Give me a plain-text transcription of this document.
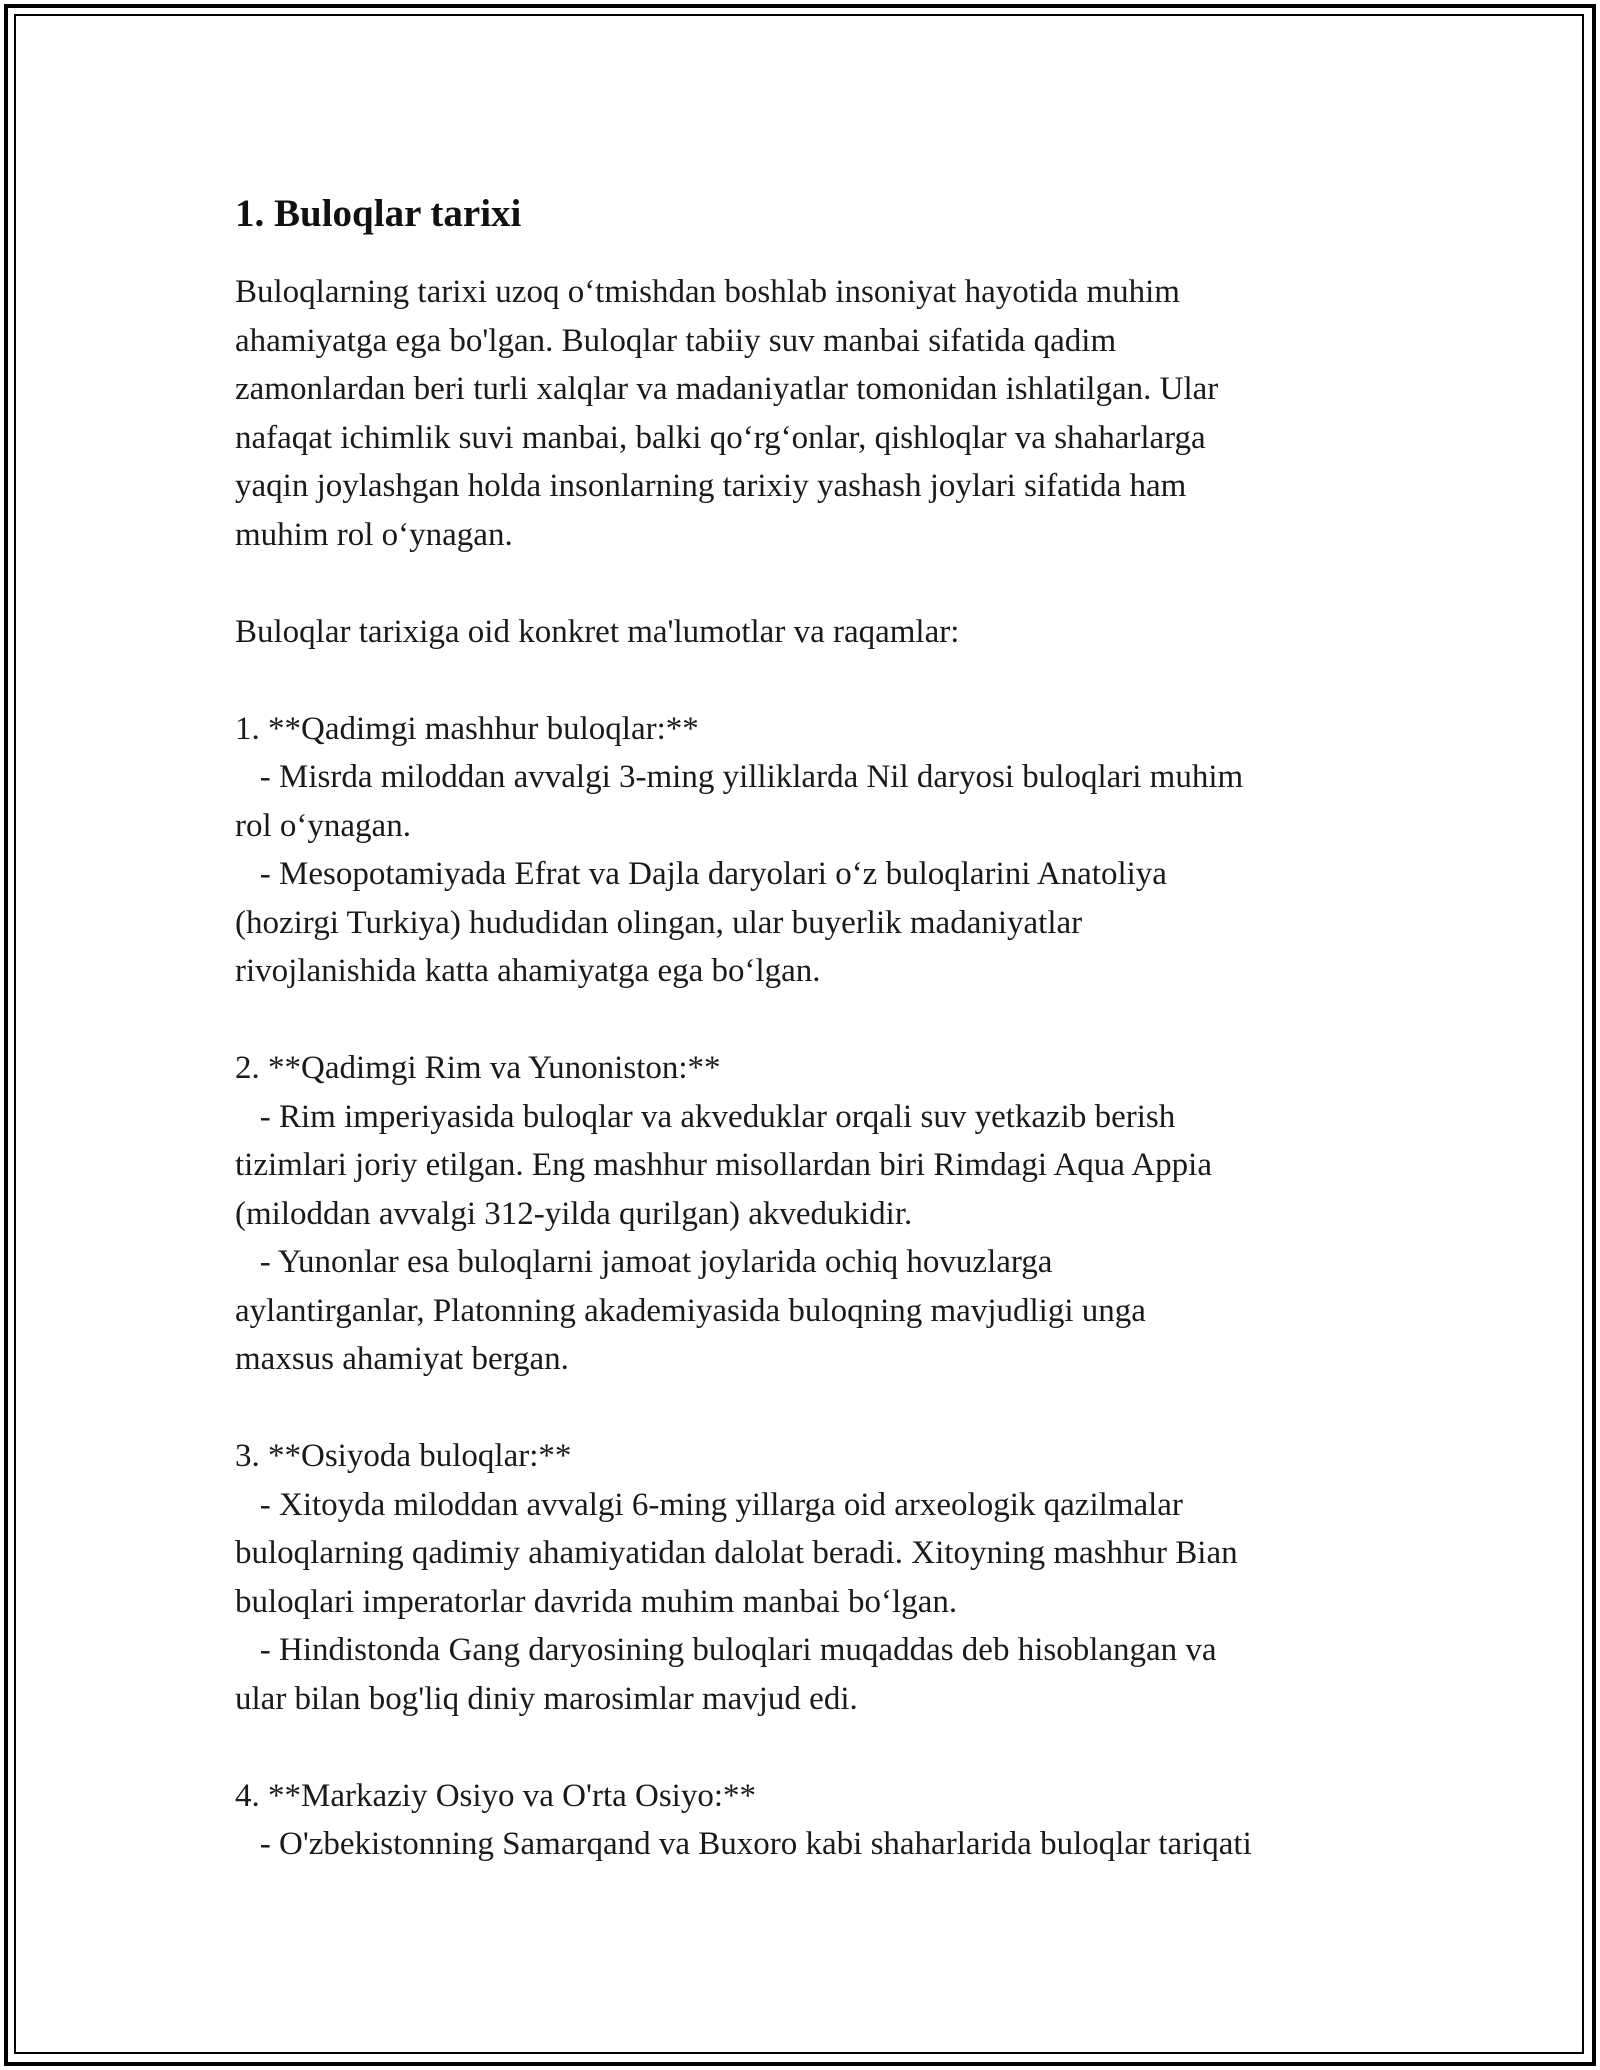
1. Buloqlar tarixi

Buloqlarning tarixi uzoq o‘tmishdan boshlab insoniyat hayotida muhim
ahamiyatga ega bo'lgan. Buloqlar tabiiy suv manbai sifatida qadim
zamonlardan beri turli xalqlar va madaniyatlar tomonidan ishlatilgan. Ular
nafaqat ichimlik suvi manbai, balki qo‘rg‘onlar, qishloqlar va shaharlarga
yaqin joylashgan holda insonlarning tarixiy yashash joylari sifatida ham
muhim rol o‘ynagan.

Buloqlar tarixiga oid konkret ma'lumotlar va raqamlar:

1. **Qadimgi mashhur buloqlar:**

- Misrda miloddan avvalgi 3-ming yilliklarda Nil daryosi buloqlari muhim
rol o‘ynagan.

- Mesopotamiyada Efrat va Dajla daryolari o‘z buloqlarini Anatoliya
(hozirgi Turkiya) hududidan olingan, ular buyerlik madaniyatlar
rivojlanishida katta ahamiyatga ega bo‘lgan.

2. **Qadimgi Rim va Yunoniston:**

- Rim imperiyasida buloqlar va akveduklar orqali suv yetkazib berish
tizimlari joriy etilgan. Eng mashhur misollardan biri Rimdagi Aqua Appia
(miloddan avvalgi 312-yilda qurilgan) akvedukidir.

- Yunonlar esa buloqlarni jamoat joylarida ochiq hovuzlarga
aylantirganlar, Platonning akademiyasida buloqning mavjudligi unga
maxsus ahamiyat bergan.

3. **Osiyoda buloqlar:**

- Xitoyda miloddan avvalgi 6-ming yillarga oid arxeologik qazilmalar
buloqlarning qadimiy ahamiyatidan dalolat beradi. Xitoyning mashhur Bian
buloqlari imperatorlar davrida muhim manbai bo‘lgan.

- Hindistonda Gang daryosining buloqlari muqaddas deb hisoblangan va
ular bilan bog'liq diniy marosimlar mavjud edi.

4. **Markaziy Osiyo va O'rta Osiyo:**

- O'zbekistonning Samarqand va Buxoro kabi shaharlarida buloqlar tariqati
